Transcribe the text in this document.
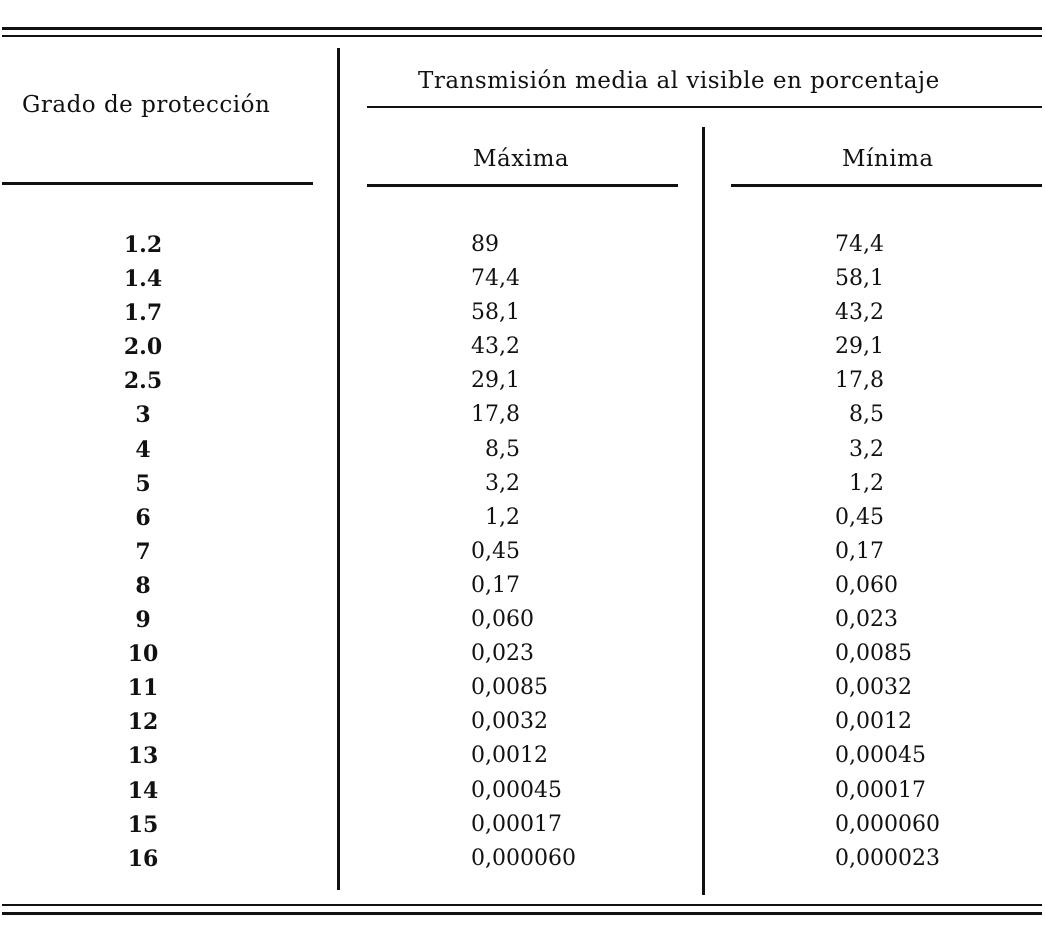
Grado de protección
Transmisión media al visible en porcentaje
Máxima	Mínima
1.2
1.4
1.7
2.0
2.5
3
4
5
6
7
8
9
10
11
12
13
14
15
16
89
74,4
58,1
43,2
29,1
17,8
8,5
3,2
1,2
0,45
0,17
0,060
0,023
0,0085
0,0032
0,0012
0,00045
0,00017
0,000060
74,4
58,1
43,2
29,1
17,8
8,5
3,2
1,2
0,45
0,17
0,060
0,023
0,0085
0,0032
0,0012
0,00045
0,00017
0,000060
0,000023
